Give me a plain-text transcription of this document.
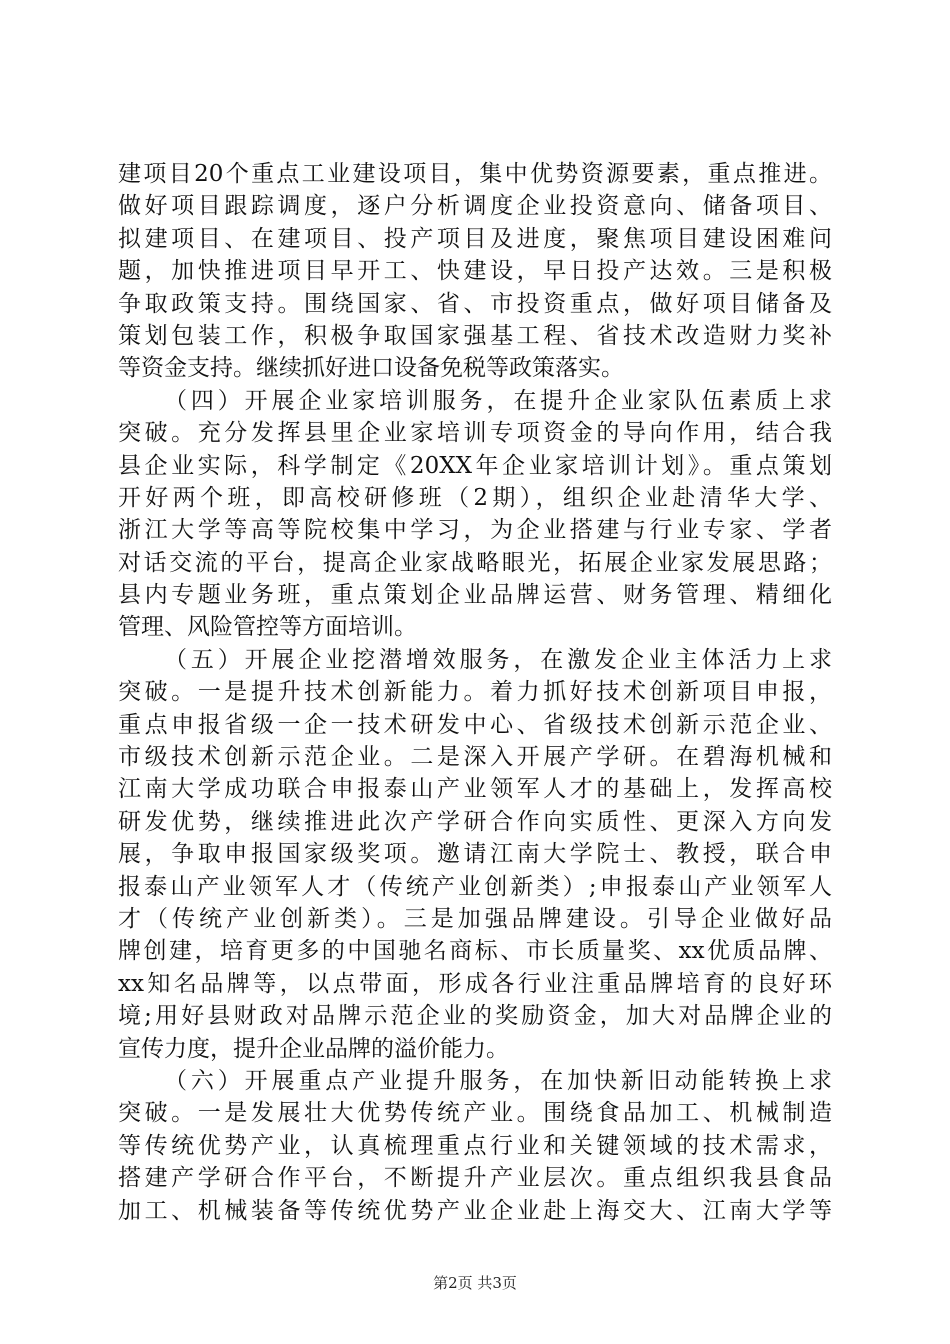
建项目20个重点工业建设项目，集中优势资源要素，重点推进。
做好项目跟踪调度，逐户分析调度企业投资意向、储备项目、
拟建项目、在建项目、投产项目及进度，聚焦项目建设困难问
题，加快推进项目早开工、快建设，早日投产达效。三是积极
争取政策支持。围绕国家、省、市投资重点，做好项目储备及
策划包装工作，积极争取国家强基工程、省技术改造财力奖补
等资金支持。继续抓好进口设备免税等政策落实。
（四）开展企业家培训服务，在提升企业家队伍素质上求
突破。充分发挥县里企业家培训专项资金的导向作用，结合我
县企业实际，科学制定《20XX年企业家培训计划》。重点策划
开好两个班，即高校研修班（2期），组织企业赴清华大学、
浙江大学等高等院校集中学习，为企业搭建与行业专家、学者
对话交流的平台，提高企业家战略眼光，拓展企业家发展思路；
县内专题业务班，重点策划企业品牌运营、财务管理、精细化
管理、风险管控等方面培训。
（五）开展企业挖潜增效服务，在激发企业主体活力上求
突破。一是提升技术创新能力。着力抓好技术创新项目申报，
重点申报省级一企一技术研发中心、省级技术创新示范企业、
市级技术创新示范企业。二是深入开展产学研。在碧海机械和
江南大学成功联合申报泰山产业领军人才的基础上，发挥高校
研发优势，继续推进此次产学研合作向实质性、更深入方向发
展，争取申报国家级奖项。邀请江南大学院士、教授，联合申
报泰山产业领军人才（传统产业创新类）;申报泰山产业领军人
才（传统产业创新类）。三是加强品牌建设。引导企业做好品
牌创建，培育更多的中国驰名商标、市长质量奖、xx优质品牌、
xx知名品牌等，以点带面，形成各行业注重品牌培育的良好环
境;用好县财政对品牌示范企业的奖励资金，加大对品牌企业的
宣传力度，提升企业品牌的溢价能力。
（六）开展重点产业提升服务，在加快新旧动能转换上求
突破。一是发展壮大优势传统产业。围绕食品加工、机械制造
等传统优势产业，认真梳理重点行业和关键领域的技术需求，
搭建产学研合作平台，不断提升产业层次。重点组织我县食品
加工、机械装备等传统优势产业企业赴上海交大、江南大学等
第2页 共3页
